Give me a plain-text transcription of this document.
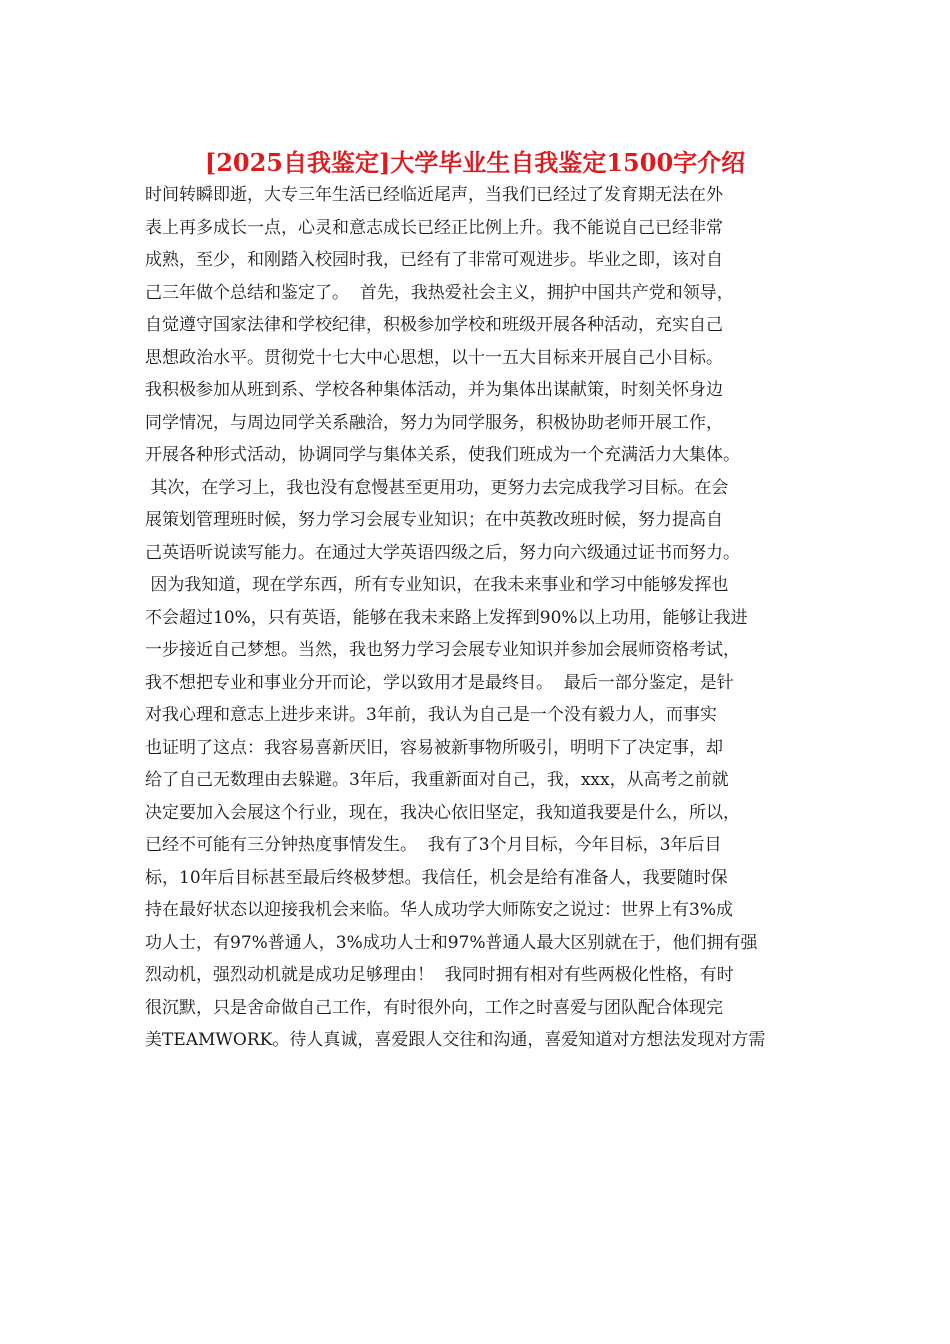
[2025自我鉴定]大学毕业生自我鉴定1500字介绍
时间转瞬即逝，大专三年生活已经临近尾声，当我们已经过了发育期无法在外
表上再多成长一点，心灵和意志成长已经正比例上升。我不能说自己已经非常
成熟，至少，和刚踏入校园时我，已经有了非常可观进步。毕业之即，该对自
己三年做个总结和鉴定了。  首先，我热爱社会主义，拥护中国共产党和领导，
自觉遵守国家法律和学校纪律，积极参加学校和班级开展各种活动，充实自己
思想政治水平。贯彻党十七大中心思想，以十一五大目标来开展自己小目标。
我积极参加从班到系、学校各种集体活动，并为集体出谋献策，时刻关怀身边
同学情况，与周边同学关系融洽，努力为同学服务，积极协助老师开展工作，
开展各种形式活动，协调同学与集体关系，使我们班成为一个充满活力大集体。
其次，在学习上，我也没有怠慢甚至更用功，更努力去完成我学习目标。在会
展策划管理班时候，努力学习会展专业知识；在中英教改班时候，努力提高自
己英语听说读写能力。在通过大学英语四级之后，努力向六级通过证书而努力。
因为我知道，现在学东西，所有专业知识，在我未来事业和学习中能够发挥也
不会超过10%，只有英语，能够在我未来路上发挥到90%以上功用，能够让我进
一步接近自己梦想。当然，我也努力学习会展专业知识并参加会展师资格考试，
我不想把专业和事业分开而论，学以致用才是最终目。  最后一部分鉴定，是针
对我心理和意志上进步来讲。3年前，我认为自己是一个没有毅力人，而事实
也证明了这点：我容易喜新厌旧，容易被新事物所吸引，明明下了决定事，却
给了自己无数理由去躲避。3年后，我重新面对自己，我，xxx，从高考之前就
决定要加入会展这个行业，现在，我决心依旧坚定，我知道我要是什么，所以，
已经不可能有三分钟热度事情发生。  我有了3个月目标，今年目标，3年后目
标，10年后目标甚至最后终极梦想。我信任，机会是给有准备人，我要随时保
持在最好状态以迎接我机会来临。华人成功学大师陈安之说过：世界上有3%成
功人士，有97%普通人，3%成功人士和97%普通人最大区别就在于，他们拥有强
烈动机，强烈动机就是成功足够理由！  我同时拥有相对有些两极化性格，有时
很沉默，只是舍命做自己工作，有时很外向，工作之时喜爱与团队配合体现完
美TEAMWORK。待人真诚，喜爱跟人交往和沟通，喜爱知道对方想法发现对方需
